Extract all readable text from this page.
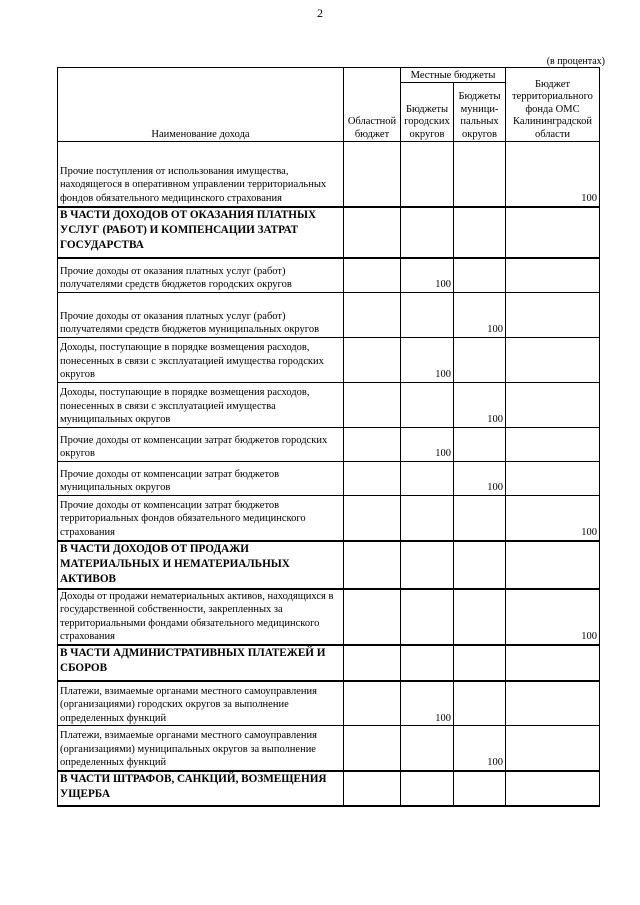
2
(в процентах)
Наименование дохода	Областной бюджет	Местные бюджеты		Бюджет территориального фонда ОМС Калининградской области
		Бюджеты городских округов	Бюджеты муници-пальных округов	
Прочие поступления от использования имущества, находящегося в оперативном управлении территориальных фондов обязательного медицинского страхования				100
В ЧАСТИ ДОХОДОВ ОТ ОКАЗАНИЯ ПЛАТНЫХ УСЛУГ (РАБОТ) И КОМПЕНСАЦИИ ЗАТРАТ ГОСУДАРСТВА				
Прочие доходы от оказания платных услуг (работ) получателями средств бюджетов городских округов		100		
Прочие доходы от оказания платных услуг (работ) получателями средств бюджетов муниципальных округов			100	
Доходы, поступающие в порядке возмещения расходов, понесенных в связи с эксплуатацией имущества городских округов		100		
Доходы, поступающие в порядке возмещения расходов, понесенных в связи с эксплуатацией имущества муниципальных округов			100	
Прочие доходы от компенсации затрат бюджетов городских округов		100		
Прочие доходы от компенсации затрат бюджетов муниципальных округов			100	
Прочие доходы от компенсации затрат бюджетов территориальных фондов обязательного медицинского страхования				100
В ЧАСТИ ДОХОДОВ ОТ ПРОДАЖИ МАТЕРИАЛЬНЫХ И НЕМАТЕРИАЛЬНЫХ АКТИВОВ				
Доходы от продажи нематериальных активов, находящихся в государственной собственности, закрепленных за территориальными фондами обязательного медицинского страхования				100
В ЧАСТИ АДМИНИСТРАТИВНЫХ ПЛАТЕЖЕЙ И СБОРОВ				
Платежи, взимаемые органами местного самоуправления (организациями) городских округов за выполнение определенных функций		100		
Платежи, взимаемые органами местного самоуправления (организациями) муниципальных округов за выполнение определенных функций			100	
В ЧАСТИ ШТРАФОВ, САНКЦИЙ, ВОЗМЕЩЕНИЯ УЩЕРБА				
